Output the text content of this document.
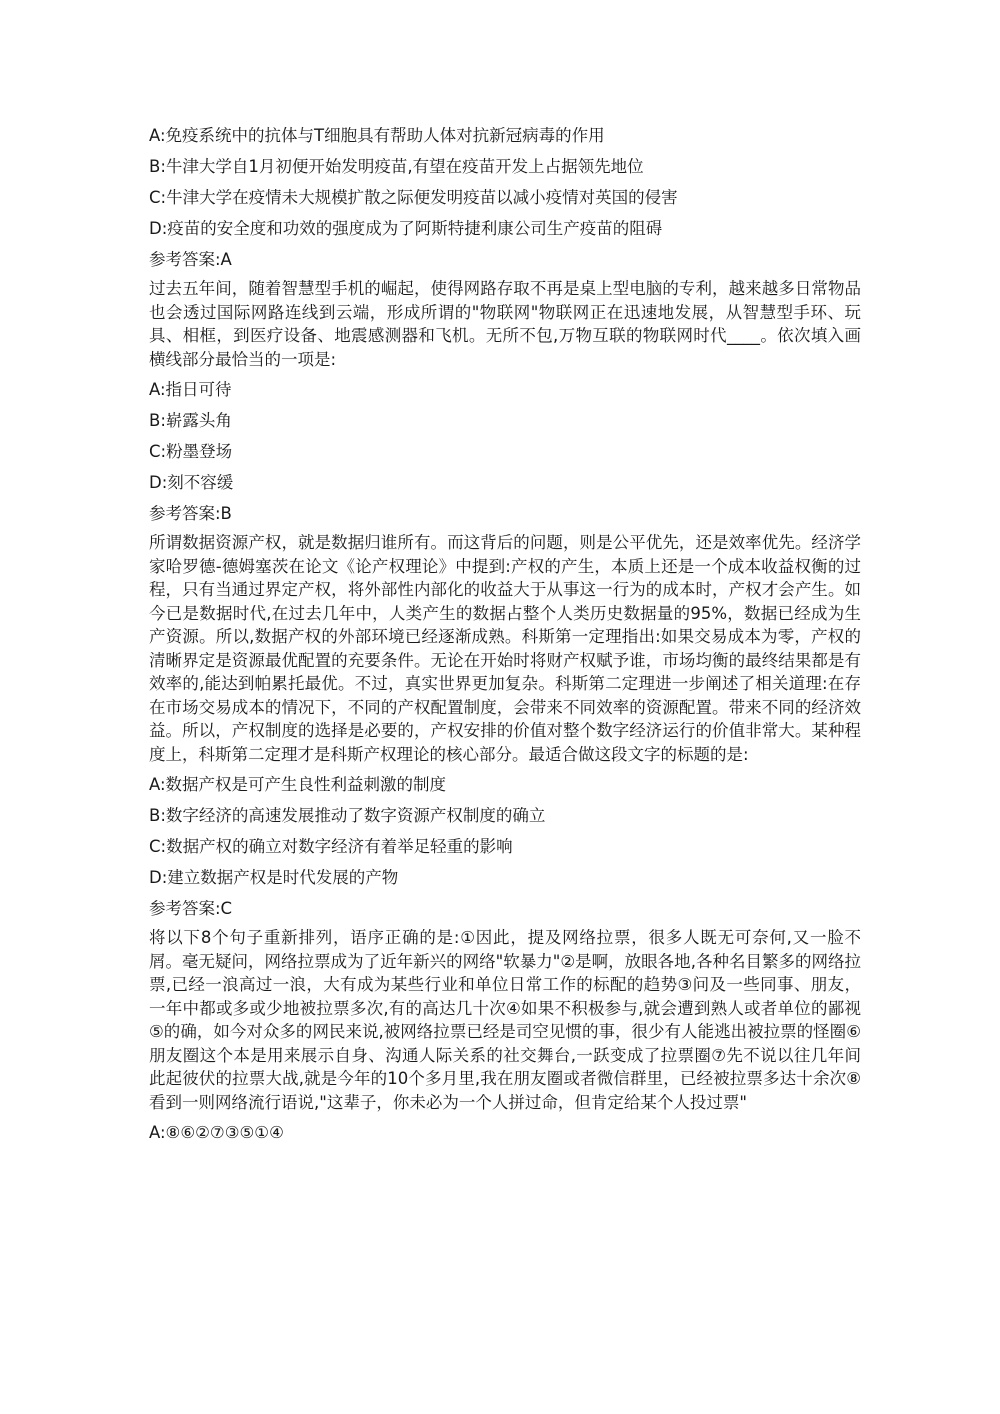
A:免疫系统中的抗体与T细胞具有帮助人体对抗新冠病毒的作用

B:牛津大学自1月初便开始发明疫苗,有望在疫苗开发上占据领先地位

C:牛津大学在疫情未大规模扩散之际便发明疫苗以减小疫情对英国的侵害

D:疫苗的安全度和功效的强度成为了阿斯特捷利康公司生产疫苗的阻碍

参考答案:A

过去五年间，随着智慧型手机的崛起，使得网路存取不再是桌上型电脑的专利，越来越多日常物品也会透过国际网路连线到云端，形成所谓的"物联网"物联网正在迅速地发展，从智慧型手环、玩具、相框，到医疗设备、地震感测器和飞机。无所不包,万物互联的物联网时代____。依次填入画横线部分最恰当的一项是:

A:指日可待

B:崭露头角

C:粉墨登场

D:刻不容缓

参考答案:B

所谓数据资源产权，就是数据归谁所有。而这背后的问题，则是公平优先，还是效率优先。经济学家哈罗德-德姆塞茨在论文《论产权理论》中提到:产权的产生，本质上还是一个成本收益权衡的过程，只有当通过界定产权，将外部性内部化的收益大于从事这一行为的成本时，产权才会产生。如今已是数据时代,在过去几年中，人类产生的数据占整个人类历史数据量的95%，数据已经成为生产资源。所以,数据产权的外部环境已经逐渐成熟。科斯第一定理指出:如果交易成本为零，产权的清晰界定是资源最优配置的充要条件。无论在开始时将财产权赋予谁，市场均衡的最终结果都是有效率的,能达到帕累托最优。不过，真实世界更加复杂。科斯第二定理进一步阐述了相关道理:在存在市场交易成本的情况下，不同的产权配置制度，会带来不同效率的资源配置。带来不同的经济效益。所以，产权制度的选择是必要的，产权安排的价值对整个数字经济运行的价值非常大。某种程度上，科斯第二定理才是科斯产权理论的核心部分。最适合做这段文字的标题的是:

A:数据产权是可产生良性利益刺激的制度

B:数字经济的高速发展推动了数字资源产权制度的确立

C:数据产权的确立对数字经济有着举足轻重的影响

D:建立数据产权是时代发展的产物

参考答案:C

将以下8个句子重新排列，语序正确的是:①因此，提及网络拉票，很多人既无可奈何,又一脸不屑。毫无疑问，网络拉票成为了近年新兴的网络"软暴力"②是啊，放眼各地,各种名目繁多的网络拉票,已经一浪高过一浪，大有成为某些行业和单位日常工作的标配的趋势③问及一些同事、朋友，一年中都或多或少地被拉票多次,有的高达几十次④如果不积极参与,就会遭到熟人或者单位的鄙视⑤的确，如今对众多的网民来说,被网络拉票已经是司空见惯的事，很少有人能逃出被拉票的怪圈⑥朋友圈这个本是用来展示自身、沟通人际关系的社交舞台,一跃变成了拉票圈⑦先不说以往几年间此起彼伏的拉票大战,就是今年的10个多月里,我在朋友圈或者微信群里，已经被拉票多达十余次⑧看到一则网络流行语说,"这辈子，你未必为一个人拼过命，但肯定给某个人投过票"

A:⑧⑥②⑦③⑤①④
